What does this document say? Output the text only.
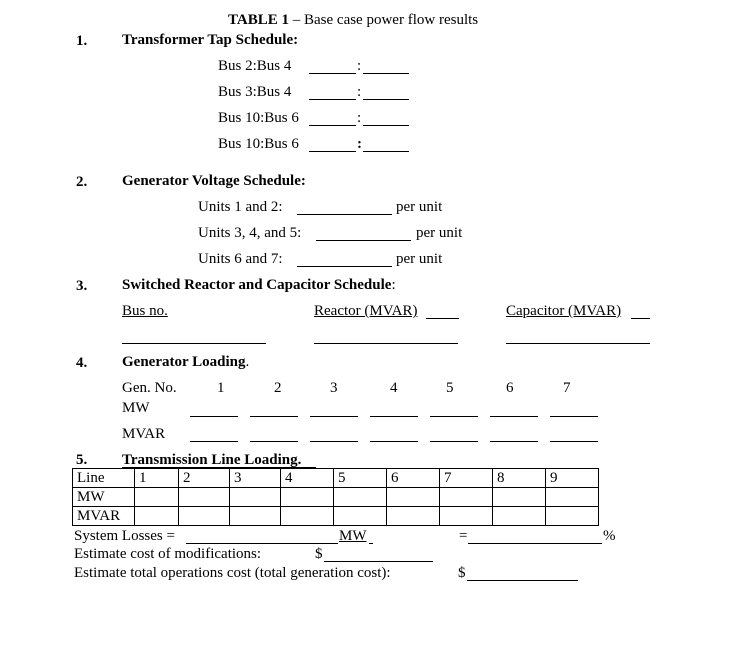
TABLE 1 – Base case power flow results
1. Transformer Tap Schedule:
Bus 2:Bus 4	:
Bus 3:Bus 4	:
Bus 10:Bus 6	:
Bus 10:Bus 6	:
2. Generator Voltage Schedule:
Units 1 and 2:	per unit
Units 3, 4, and 5:	per unit
Units 6 and 7:	per unit
3. Switched Reactor and Capacitor Schedule:
Bus no.	Reactor (MVAR)	Capacitor (MVAR)
4. Generator Loading.
Gen. No.	1	2	3	4	5	6	7
MW
MVAR
5. Transmission Line Loading.
Line	1	2	3	4	5	6	7	8	9
MW									
MVAR									
System Losses =	MW	=	%
Estimate cost of modifications:	$
Estimate total operations cost (total generation cost):	$
